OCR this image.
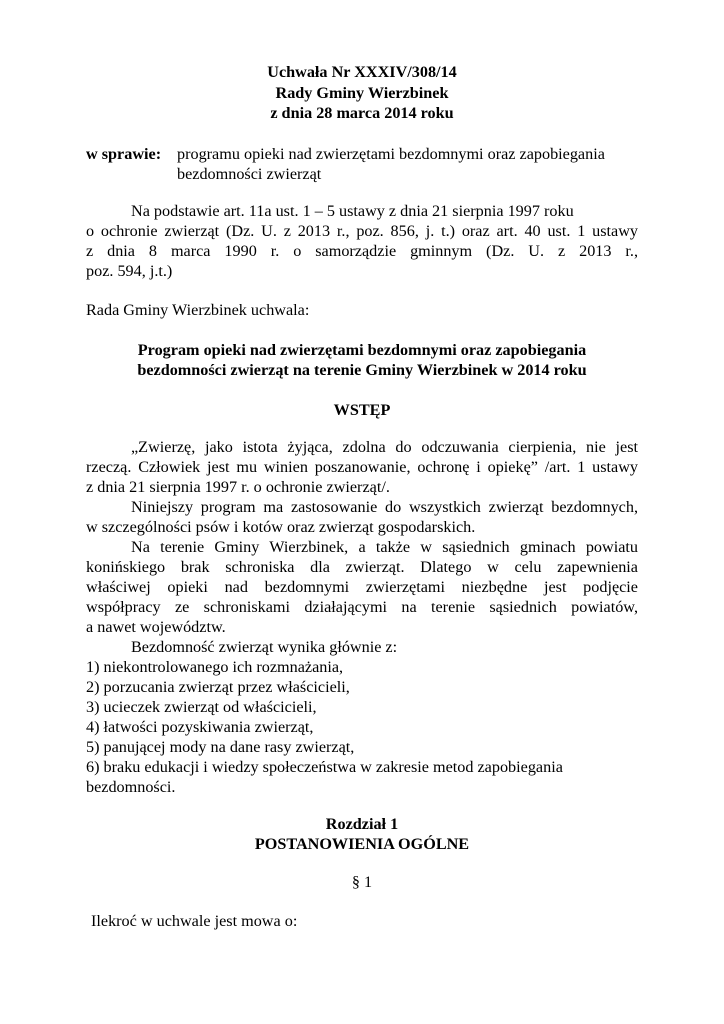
Uchwała Nr XXXIV/308/14

Rady Gminy Wierzbinek

z dnia 28 marca 2014 roku

w sprawie: programu opieki nad zwierzętami bezdomnymi oraz zapobiegania

bezdomności zwierząt

Na podstawie art. 11a ust. 1 – 5 ustawy z dnia 21 sierpnia 1997 roku

o ochronie zwierząt (Dz. U. z 2013 r., poz. 856, j. t.) oraz art. 40 ust. 1 ustawy

z dnia 8 marca 1990 r. o samorządzie gminnym (Dz. U. z 2013 r.,

poz. 594, j.t.)

Rada Gminy Wierzbinek uchwala:

Program opieki nad zwierzętami bezdomnymi oraz zapobiegania

bezdomności zwierząt na terenie Gminy Wierzbinek w 2014 roku

WSTĘP

„Zwierzę, jako istota żyjąca, zdolna do odczuwania cierpienia, nie jest

rzeczą. Człowiek jest mu winien poszanowanie, ochronę i opiekę” /art. 1 ustawy

z dnia 21 sierpnia 1997 r. o ochronie zwierząt/.

Niniejszy program ma zastosowanie do wszystkich zwierząt bezdomnych,

w szczególności psów i kotów oraz zwierząt gospodarskich.

Na terenie Gminy Wierzbinek, a także w sąsiednich gminach powiatu

konińskiego brak schroniska dla zwierząt. Dlatego w celu zapewnienia

właściwej opieki nad bezdomnymi zwierzętami niezbędne jest podjęcie

współpracy ze schroniskami działającymi na terenie sąsiednich powiatów,

a nawet województw.

Bezdomność zwierząt wynika głównie z:

1) niekontrolowanego ich rozmnażania,

2) porzucania zwierząt przez właścicieli,

3) ucieczek zwierząt od właścicieli,

4) łatwości pozyskiwania zwierząt,

5) panującej mody na dane rasy zwierząt,

6) braku edukacji i wiedzy społeczeństwa w zakresie metod zapobiegania

bezdomności.

Rozdział 1

POSTANOWIENIA OGÓLNE

§ 1

Ilekroć w uchwale jest mowa o:
